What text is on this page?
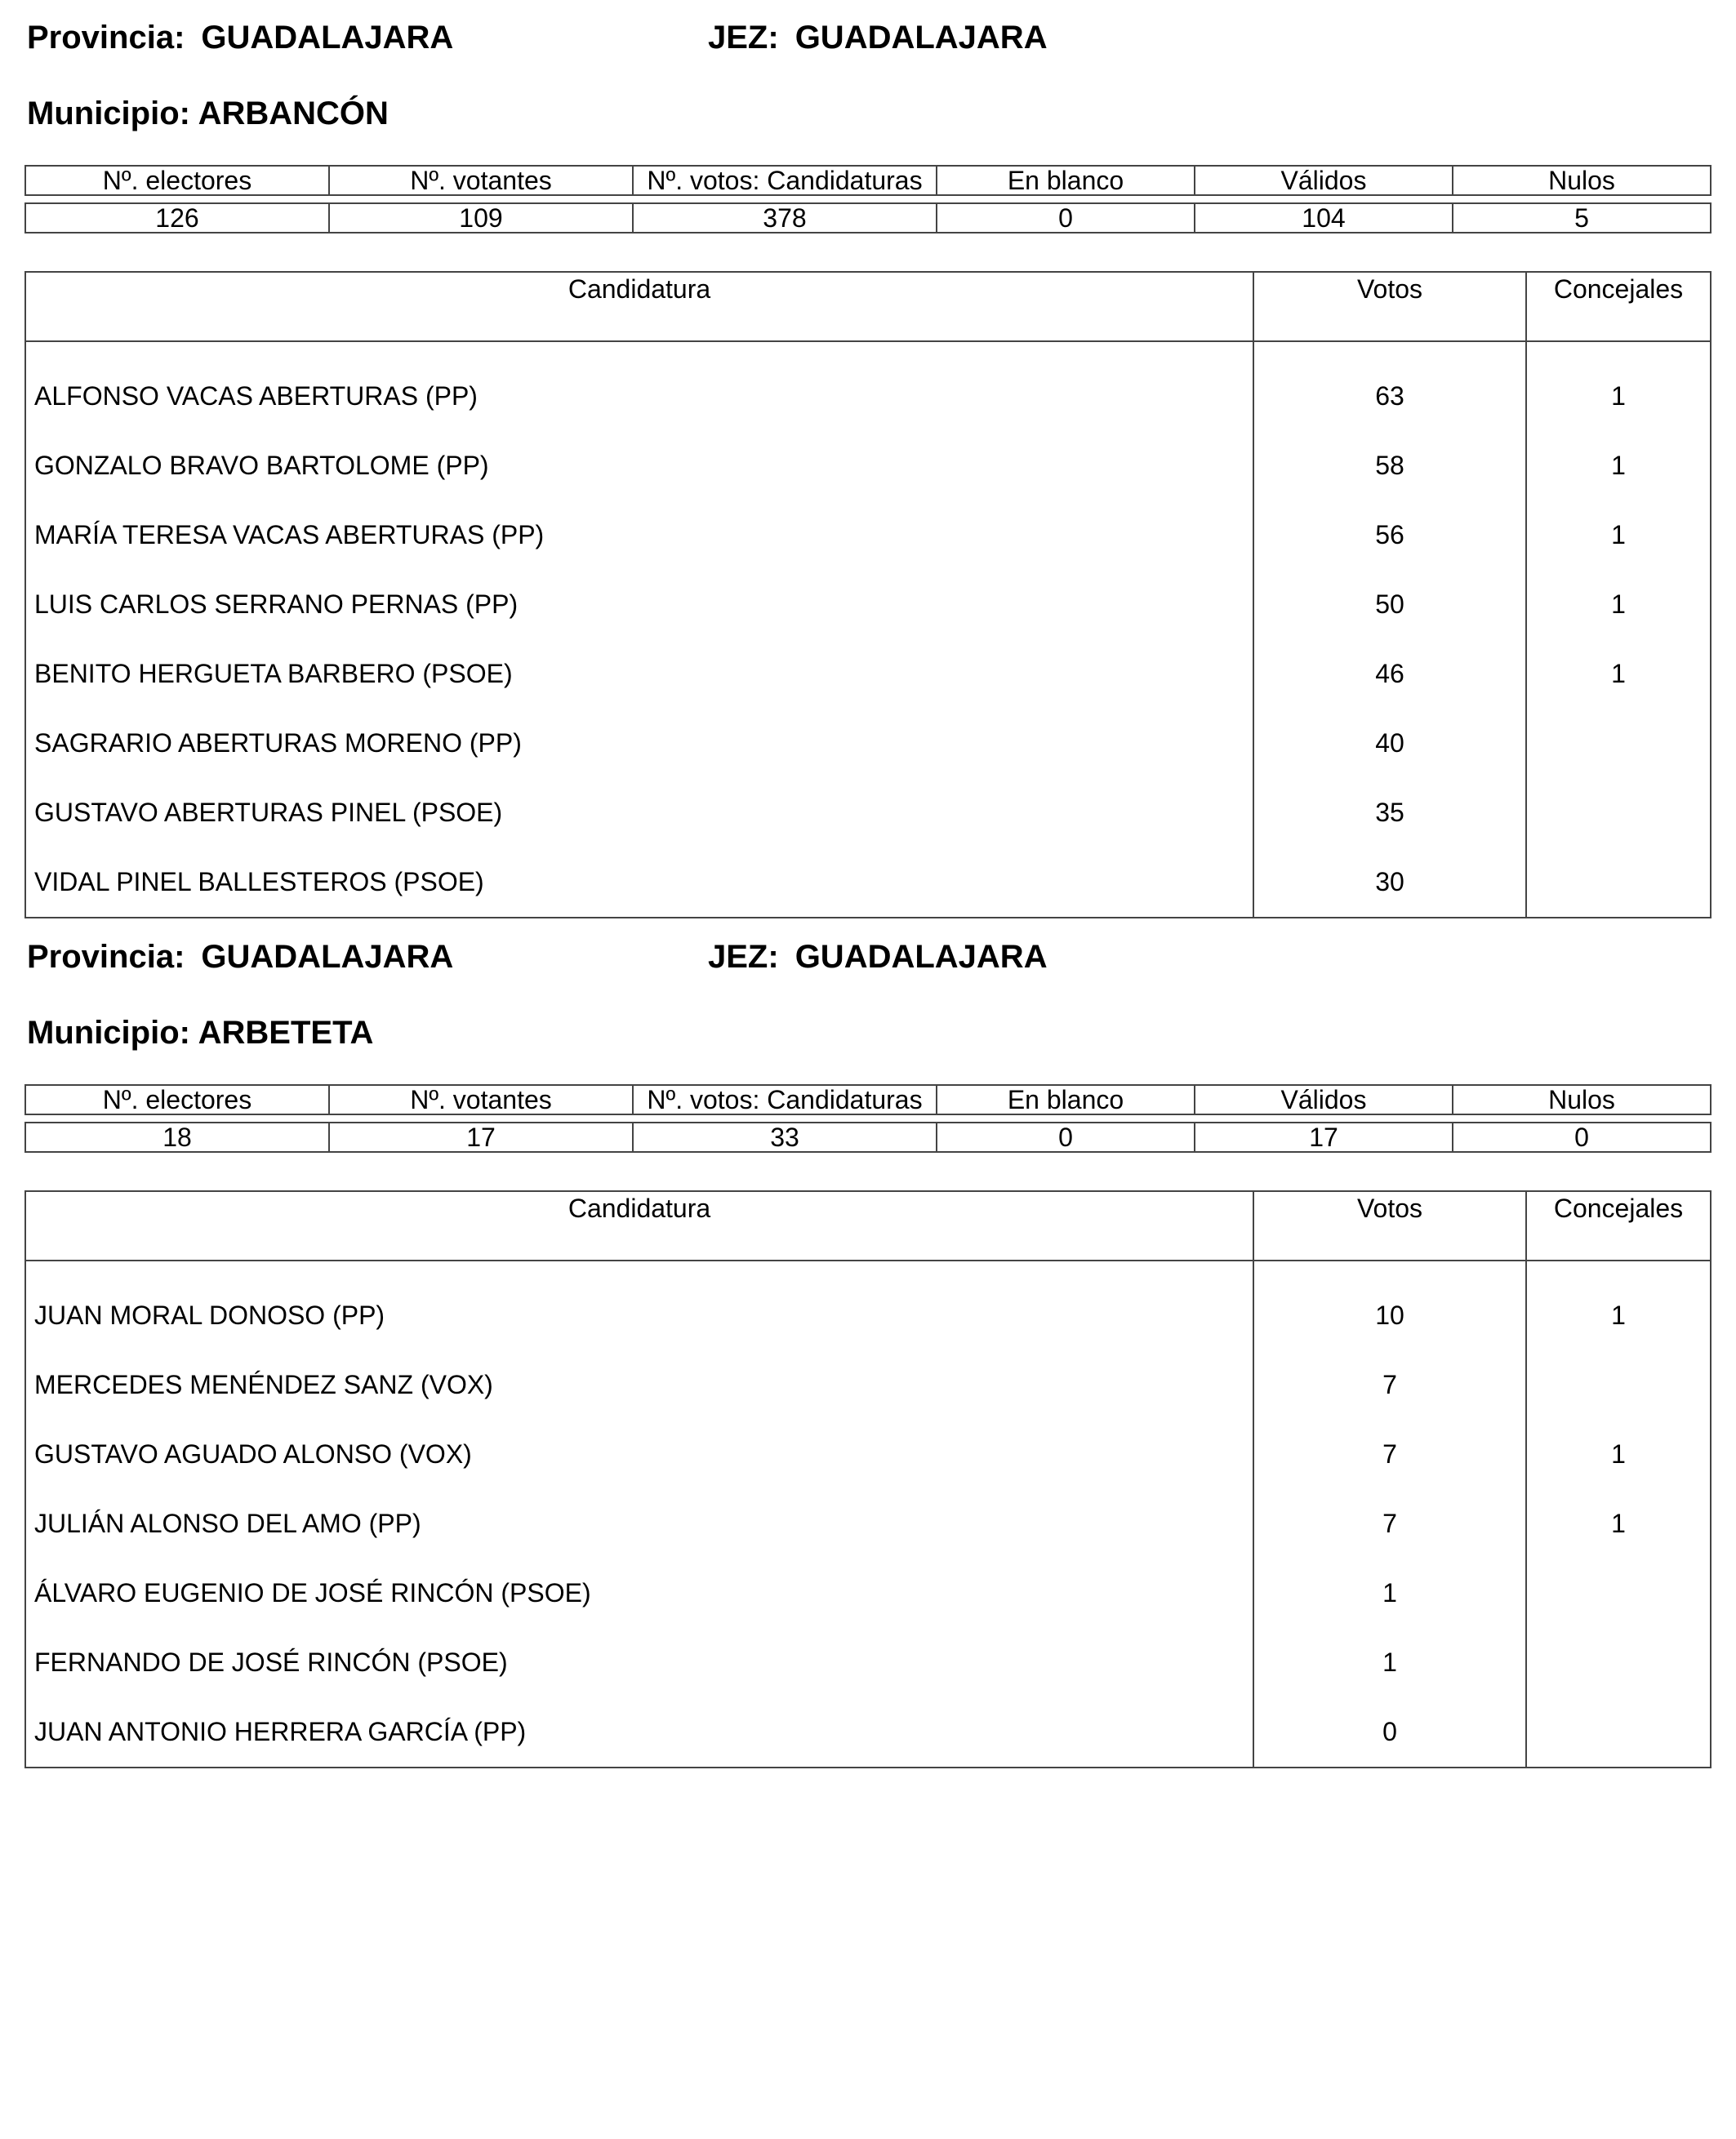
Provincia: GUADALAJARA	JEZ: GUADALAJARA
Municipio: ARBANCÓN
Nº. electores	Nº. votantes	Nº. votos: Candidaturas	En blanco	Válidos	Nulos

126	109	378	0	104	5
Candidatura	Votos	Concejales

ALFONSO VACAS ABERTURAS (PP)	63	1
GONZALO BRAVO BARTOLOME (PP)	58	1
MARÍA TERESA VACAS ABERTURAS (PP)	56	1
LUIS CARLOS SERRANO PERNAS (PP)	50	1
BENITO HERGUETA BARBERO (PSOE)	46	1
SAGRARIO ABERTURAS MORENO (PP)	40	
GUSTAVO ABERTURAS PINEL (PSOE)	35	
VIDAL PINEL BALLESTEROS (PSOE)	30	
Provincia: GUADALAJARA	JEZ: GUADALAJARA
Municipio: ARBETETA
Nº. electores	Nº. votantes	Nº. votos: Candidaturas	En blanco	Válidos	Nulos

18	17	33	0	17	0
Candidatura	Votos	Concejales

JUAN MORAL DONOSO (PP)	10	1
MERCEDES MENÉNDEZ SANZ (VOX)	7	
GUSTAVO AGUADO ALONSO (VOX)	7	1
JULIÁN ALONSO DEL AMO (PP)	7	1
ÁLVARO EUGENIO DE JOSÉ RINCÓN (PSOE)	1	
FERNANDO DE JOSÉ RINCÓN (PSOE)	1	
JUAN ANTONIO HERRERA GARCÍA (PP)	0	
